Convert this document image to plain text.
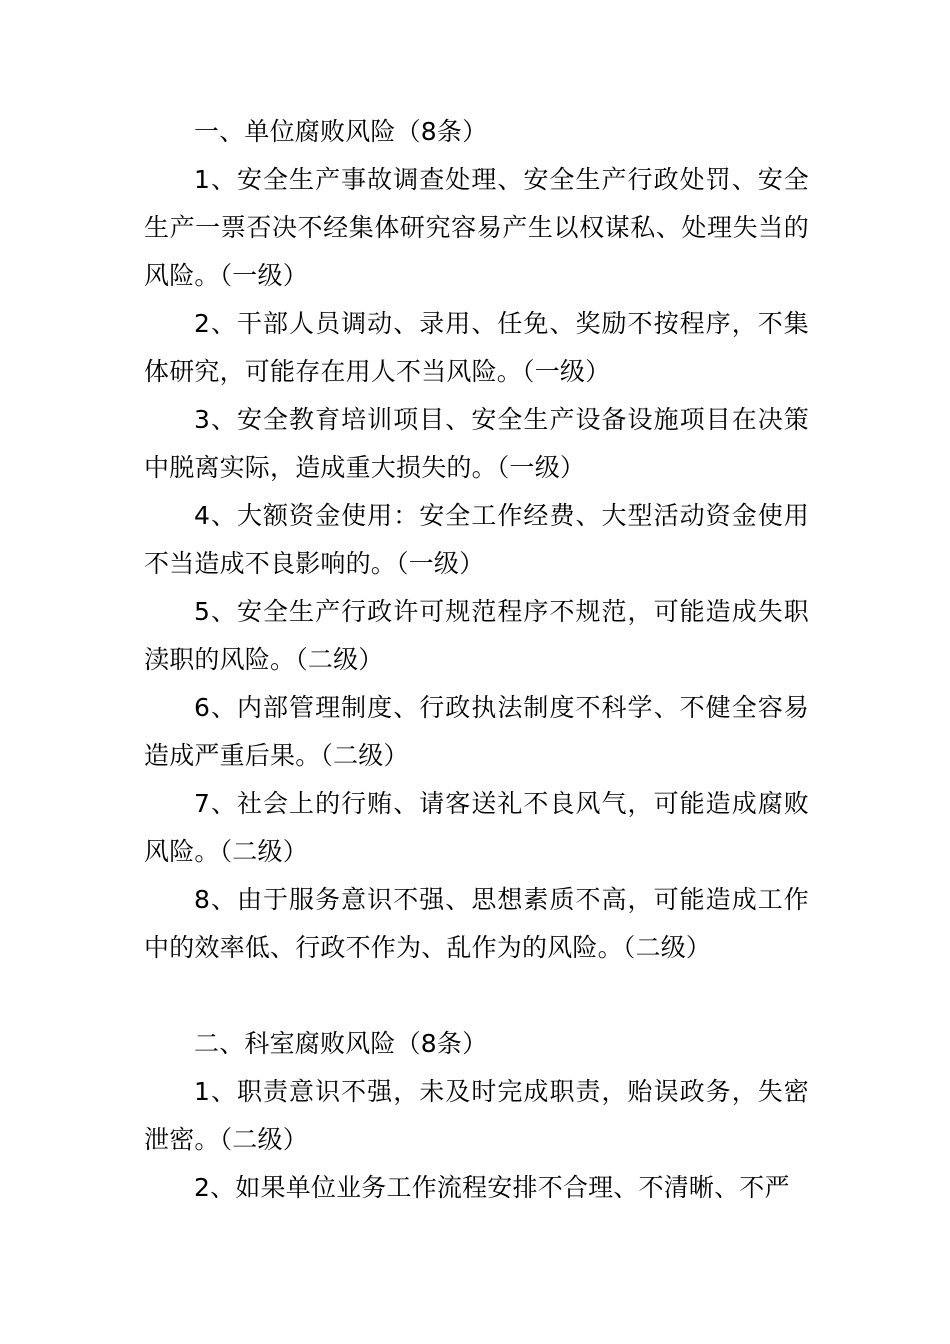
一、单位腐败风险（8条）

1、安全生产事故调查处理、安全生产行政处罚、安全生产一票否决不经集体研究容易产生以权谋私、处理失当的风险。（一级）

2、干部人员调动、录用、任免、奖励不按程序，不集体研究，可能存在用人不当风险。（一级）

3、安全教育培训项目、安全生产设备设施项目在决策中脱离实际，造成重大损失的。（一级）

4、大额资金使用：安全工作经费、大型活动资金使用不当造成不良影响的。（一级）

5、安全生产行政许可规范程序不规范，可能造成失职渎职的风险。（二级）

6、内部管理制度、行政执法制度不科学、不健全容易造成严重后果。（二级）

7、社会上的行贿、请客送礼不良风气，可能造成腐败风险。（二级）

8、由于服务意识不强、思想素质不高，可能造成工作中的效率低、行政不作为、乱作为的风险。（二级）

二、科室腐败风险（8条）

1、职责意识不强，未及时完成职责，贻误政务，失密泄密。（二级）

2、如果单位业务工作流程安排不合理、不清晰、不严
